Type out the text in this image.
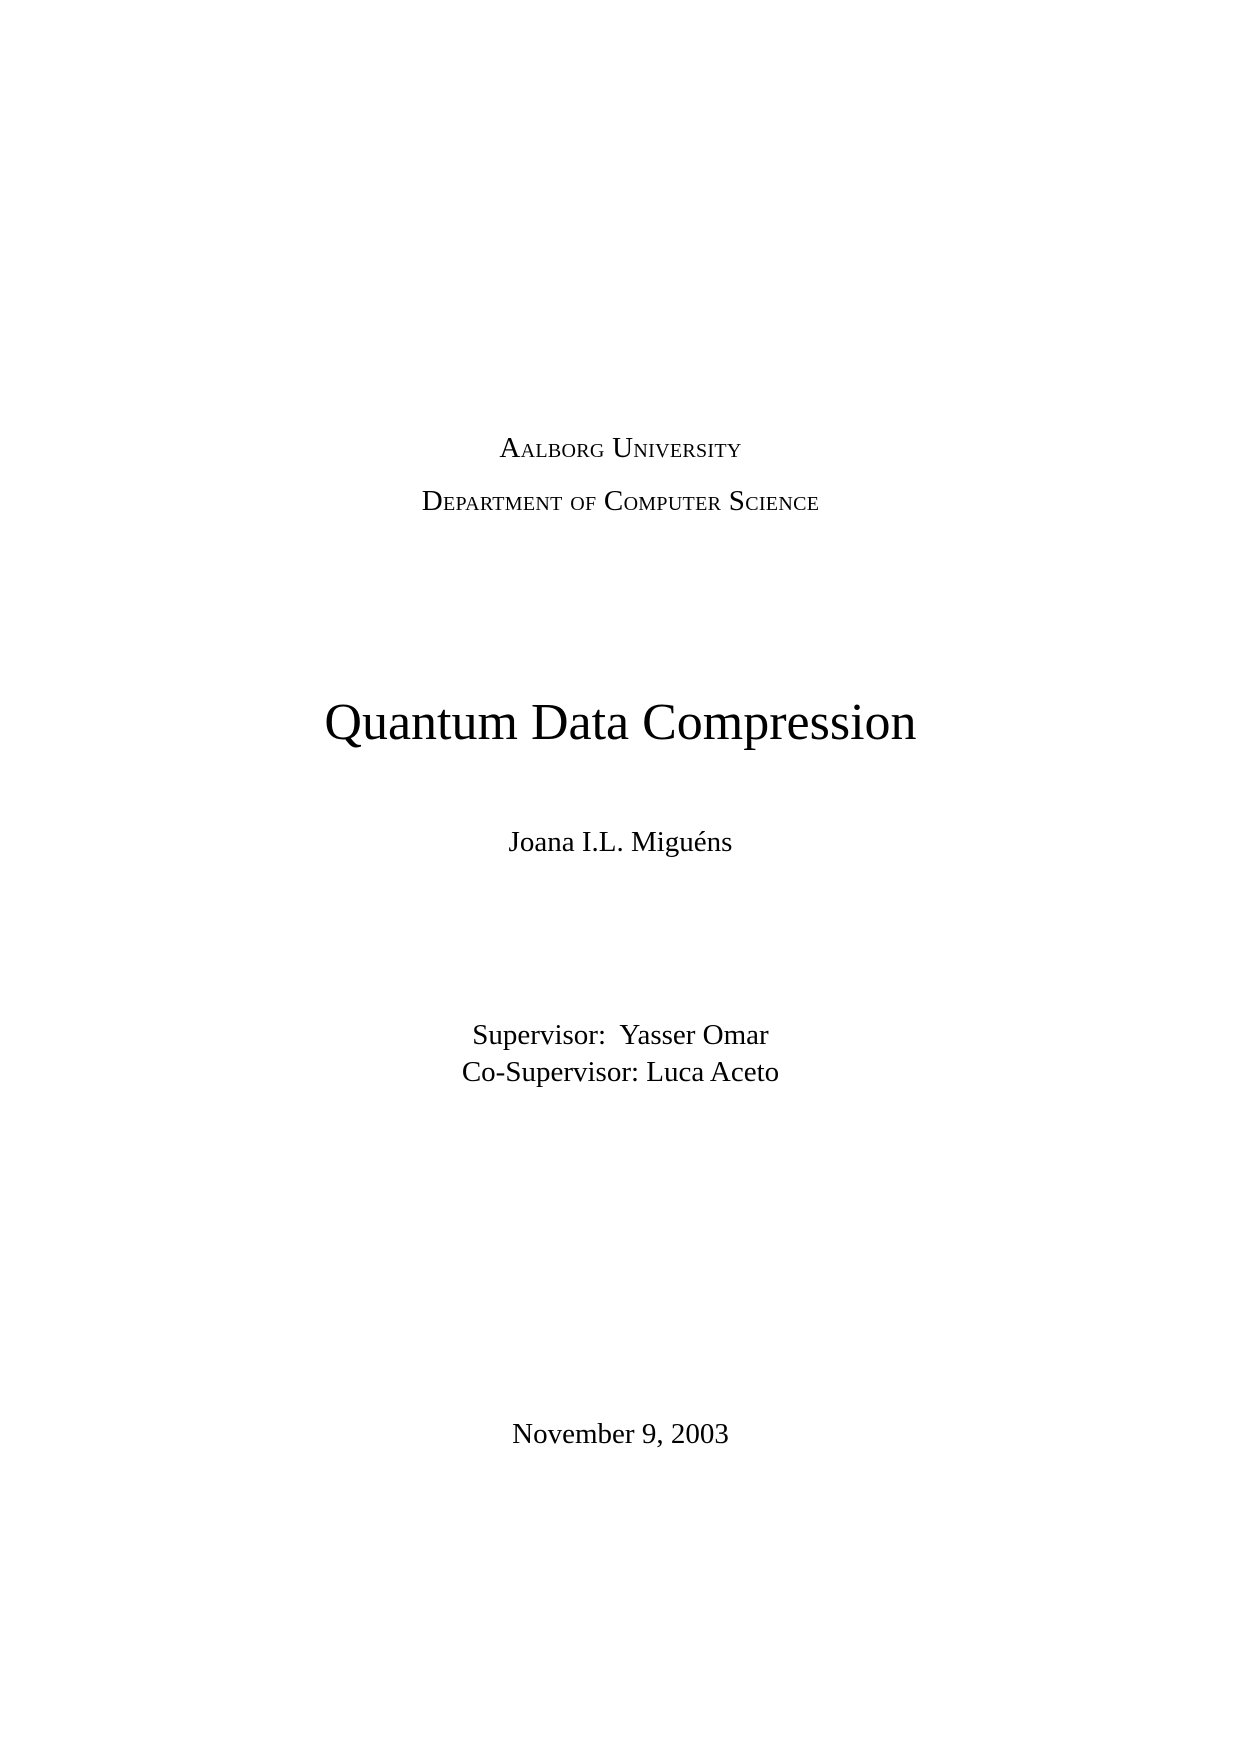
Aalborg University
Department of Computer Science
Quantum Data Compression
Joana I.L. Miguéns
Supervisor:  Yasser Omar
Co-Supervisor: Luca Aceto
November 9, 2003
